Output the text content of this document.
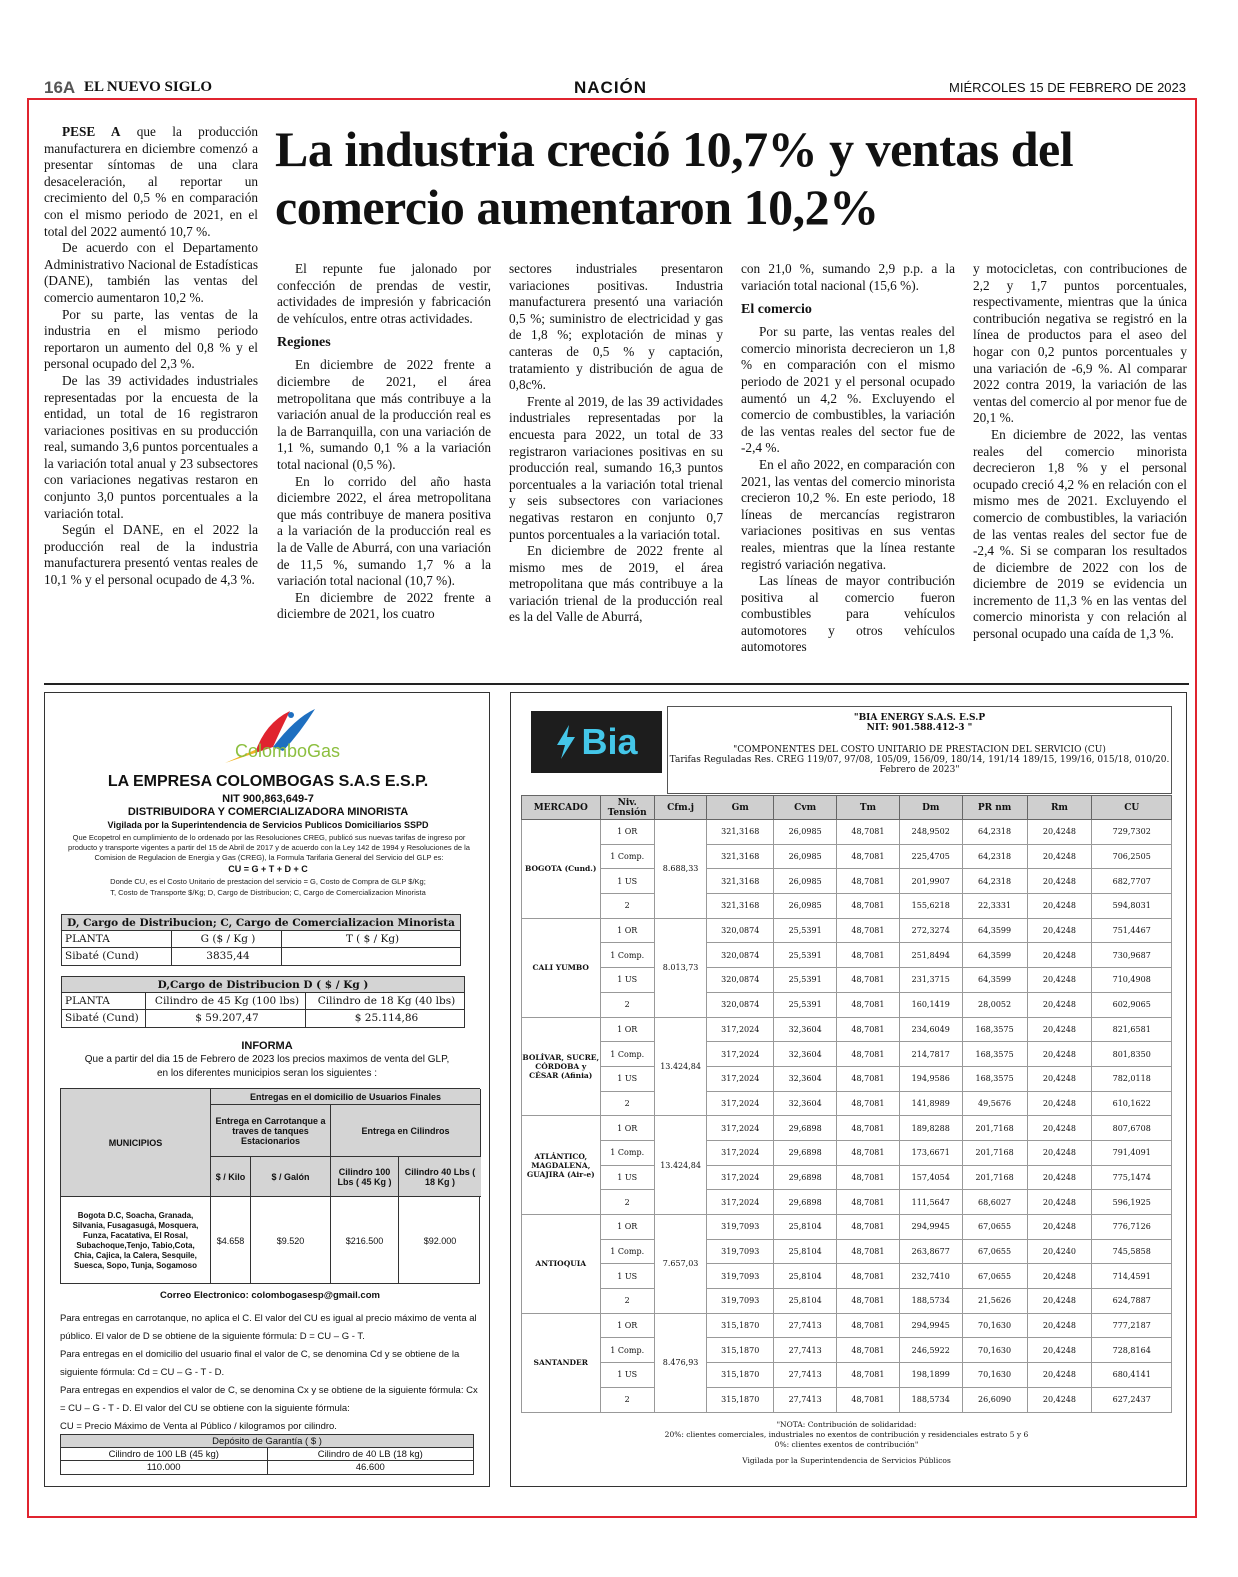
16A EL NUEVO SIGLO	NACIÓN	MIÉRCOLES 15 DE FEBRERO DE 2023
La industria creció 10,7% y ventas del comercio aumentaron 10,2%

PESE A que la producción manufacturera en diciembre comenzó a presentar síntomas de una clara desaceleración, al reportar un crecimiento del 0,5 % en comparación con el mismo periodo de 2021, en el total del 2022 aumentó 10,7 %.

De acuerdo con el Departamento Administrativo Nacional de Estadísticas (DANE), también las ventas del comercio aumentaron 10,2 %.

Por su parte, las ventas de la industria en el mismo periodo reportaron un aumento del 0,8 % y el personal ocupado del 2,3 %.

De las 39 actividades industriales representadas por la encuesta de la entidad, un total de 16 registraron variaciones positivas en su producción real, sumando 3,6 puntos porcentuales a la variación total anual y 23 subsectores con variaciones negativas restaron en conjunto 3,0 puntos porcentuales a la variación total.

Según el DANE, en el 2022 la producción real de la industria manufacturera presentó ventas reales de 10,1 % y el personal ocupado de 4,3 %.

El repunte fue jalonado por confección de prendas de vestir, actividades de impresión y fabricación de vehículos, entre otras actividades.

Regiones

En diciembre de 2022 frente a diciembre de 2021, el área metropolitana que más contribuye a la variación anual de la producción real es la de Barranquilla, con una variación de 1,1 %, sumando 0,1 % a la variación total nacional (0,5 %).

En lo corrido del año hasta diciembre 2022, el área metropolitana que más contribuye de manera positiva a la variación de la producción real es la de Valle de Aburrá, con una variación de 11,5 %, sumando 1,7 % a la variación total nacional (10,7 %).

En diciembre de 2022 frente a diciembre de 2021, los cuatro

sectores industriales presentaron variaciones positivas. Industria manufacturera presentó una variación 0,5 %; suministro de electricidad y gas de 1,8 %; explotación de minas y canteras de 0,5 % y captación, tratamiento y distribución de agua de 0,8c%.

Frente al 2019, de las 39 actividades industriales representadas por la encuesta para 2022, un total de 33 registraron variaciones positivas en su producción real, sumando 16,3 puntos porcentuales a la variación total trienal y seis subsectores con variaciones negativas restaron en conjunto 0,7 puntos porcentuales a la variación total.

En diciembre de 2022 frente al mismo mes de 2019, el área metropolitana que más contribuye a la variación trienal de la producción real es la del Valle de Aburrá,

con 21,0 %, sumando 2,9 p.p. a la variación total nacional (15,6 %).

El comercio

Por su parte, las ventas reales del comercio minorista decrecieron un 1,8 % en comparación con el mismo periodo de 2021 y el personal ocupado aumentó un 4,2 %. Excluyendo el comercio de combustibles, la variación de las ventas reales del sector fue de -2,4 %.

En el año 2022, en comparación con 2021, las ventas del comercio minorista crecieron 10,2 %. En este periodo, 18 líneas de mercancías registraron variaciones positivas en sus ventas reales, mientras que la línea restante registró variación negativa.

Las líneas de mayor contribución positiva al comercio fueron combustibles para vehículos automotores y otros vehículos automotores

y motocicletas, con contribuciones de 2,2 y 1,7 puntos porcentuales, respectivamente, mientras que la única contribución negativa se registró en la línea de productos para el aseo del hogar con 0,2 puntos porcentuales y una variación de -6,9 %. Al comparar 2022 contra 2019, la variación de las ventas del comercio al por menor fue de 20,1 %.

En diciembre de 2022, las ventas reales del comercio minorista decrecieron 1,8 % y el personal ocupado creció 4,2 % en relación con el mismo mes de 2021. Excluyendo el comercio de combustibles, la variación de las ventas reales del sector fue de -2,4 %. Si se comparan los resultados de diciembre de 2022 con los de diciembre de 2019 se evidencia un incremento de 11,3 % en las ventas del comercio minorista y con relación al personal ocupado una caída de 1,3 %.

ColomboGas
LA EMPRESA COLOMBOGAS S.A.S E.S.P.
NIT 900,863,649-7
DISTRIBUIDORA Y COMERCIALIZADORA MINORISTA
Vigilada por la Superintendencia de Servicios Publicos Domiciliarios SSPD
Que Ecopetrol en cumplimiento de lo ordenado por las Resoluciones CREG, publicó sus nuevas tarifas de ingreso por producto y transporte vigentes a partir del 15 de Abril de 2017 y de acuerdo con la Ley 142 de 1994 y Resoluciones de la Comision de Regulacion de Energia y Gas (CREG), la Formula Tarifaria General del Servicio del GLP es:
CU = G + T + D + C
Donde CU, es el Costo Unitario de prestacion del servicio = G, Costo de Compra de GLP $/Kg;
T, Costo de Transporte $/Kg; D, Cargo de Distribucion; C, Cargo de Comercializacion Minorista
D, Cargo de Distribucion; C, Cargo de Comercializacion Minorista
PLANTA	G ($ / Kg )	T ( $ / Kg)
Sibaté (Cund)	3835,44
D,Cargo de Distribucion D ( $ / Kg )
PLANTA	Cilindro de 45 Kg (100 lbs)	Cilindro de 18 Kg (40 lbs)
Sibaté (Cund)	$ 59.207,47	$ 25.114,86
INFORMA
Que a partir del dia 15 de Febrero de 2023 los precios maximos de venta del GLP,
en los diferentes municipios seran los siguientes :
MUNICIPIOS
Entregas en el domicilio de Usuarios Finales
Entrega en Carrotanque a traves de tanques Estacionarios
Entrega en Cilindros
$ / Kilo	$ / Galón	Cilindro 100 Lbs ( 45 Kg )
Cilindro 40 Lbs ( 18 Kg )
Bogota D.C, Soacha, Granada, Silvania, Fusagasugá, Mosquera, Funza, Facatativa, El Rosal, Subachoque,Tenjo, Tabio,Cota, Chia, Cajica, la Calera, Sesquile, Suesca, Sopo, Tunja, Sogamoso
$4.658	$9.520	$216.500	$92.000
Correo Electronico: colombogasesp@gmail.com
Para entregas en carrotanque, no aplica el C. El valor del CU es igual al precio máximo de venta al público. El valor de D se obtiene de la siguiente fórmula: D = CU – G - T.
Para entregas en el domicilio del usuario final el valor de C, se denomina Cd y se obtiene de la siguiente fórmula: Cd = CU – G - T - D.
Para entregas en expendios el valor de C, se denomina Cx y se obtiene de la siguiente fórmula: Cx = CU – G - T - D. El valor del CU se obtiene con la siguiente fórmula:
CU = Precio Máximo de Venta al Público / kilogramos por cilindro.
Depósito de Garantía ( $ )
Cilindro de 100 LB (45 kg)	Cilindro de 40 LB (18 kg)
110.000	46.600
Bia
"BIA ENERGY S.A.S. E.S.P
NIT: 901.588.412-3 "
"COMPONENTES DEL COSTO UNITARIO DE PRESTACION DEL SERVICIO (CU)
Tarifas Reguladas Res. CREG 119/07, 97/08, 105/09, 156/09, 180/14, 191/14 189/15, 199/16, 015/18, 010/20.
Febrero de 2023"
MERCADO	Niv. Tensión	Cfm.j	Gm	Cvm	Tm	Dm	PR nm	Rm	CU
BOGOTA (Cund.)	1 OR	8.688,33	321,3168	26,0985	48,7081	248,9502	64,2318	20,4248	729,7302
	1 Comp.		321,3168	26,0985	48,7081	225,4705	64,2318	20,4248	706,2505
	1 US		321,3168	26,0985	48,7081	201,9907	64,2318	20,4248	682,7707
	2		321,3168	26,0985	48,7081	155,6218	22,3331	20,4248	594,8031
CALI YUMBO	1 OR	8.013,73	320,0874	25,5391	48,7081	272,3274	64,3599	20,4248	751,4467
	1 Comp.		320,0874	25,5391	48,7081	251,8494	64,3599	20,4248	730,9687
	1 US		320,0874	25,5391	48,7081	231,3715	64,3599	20,4248	710,4908
	2		320,0874	25,5391	48,7081	160,1419	28,0052	20,4248	602,9065
BOLÍVAR, SUCRE, CÓRDOBA y CÉSAR (Afinia)	1 OR	13.424,84	317,2024	32,3604	48,7081	234,6049	168,3575	20,4248	821,6581
	1 Comp.		317,2024	32,3604	48,7081	214,7817	168,3575	20,4248	801,8350
	1 US		317,2024	32,3604	48,7081	194,9586	168,3575	20,4248	782,0118
	2		317,2024	32,3604	48,7081	141,8989	49,5676	20,4248	610,1622
ATLÁNTICO, MAGDALENA, GUAJIRA (Air-e)	1 OR	13.424,84	317,2024	29,6898	48,7081	189,8288	201,7168	20,4248	807,6708
	1 Comp.		317,2024	29,6898	48,7081	173,6671	201,7168	20,4248	791,4091
	1 US		317,2024	29,6898	48,7081	157,4054	201,7168	20,4248	775,1474
	2		317,2024	29,6898	48,7081	111,5647	68,6027	20,4248	596,1925
ANTIOQUIA	1 OR	7.657,03	319,7093	25,8104	48,7081	294,9945	67,0655	20,4248	776,7126
	1 Comp.		319,7093	25,8104	48,7081	263,8677	67,0655	20,4240	745,5858
	1 US		319,7093	25,8104	48,7081	232,7410	67,0655	20,4248	714,4591
	2		319,7093	25,8104	48,7081	188,5734	21,5626	20,4248	624,7887
SANTANDER	1 OR	8.476,93	315,1870	27,7413	48,7081	294,9945	70,1630	20,4248	777,2187
	1 Comp.		315,1870	27,7413	48,7081	246,5922	70,1630	20,4248	728,8164
	1 US		315,1870	27,7413	48,7081	198,1899	70,1630	20,4248	680,4141
	2		315,1870	27,7413	48,7081	188,5734	26,6090	20,4248	627,2437
"NOTA: Contribución de solidaridad:
20%: clientes comerciales, industriales no exentos de contribución y residenciales estrato 5 y 6
0%: clientes exentos de contribución"
Vigilada por la Superintendencia de Servicios Públicos
